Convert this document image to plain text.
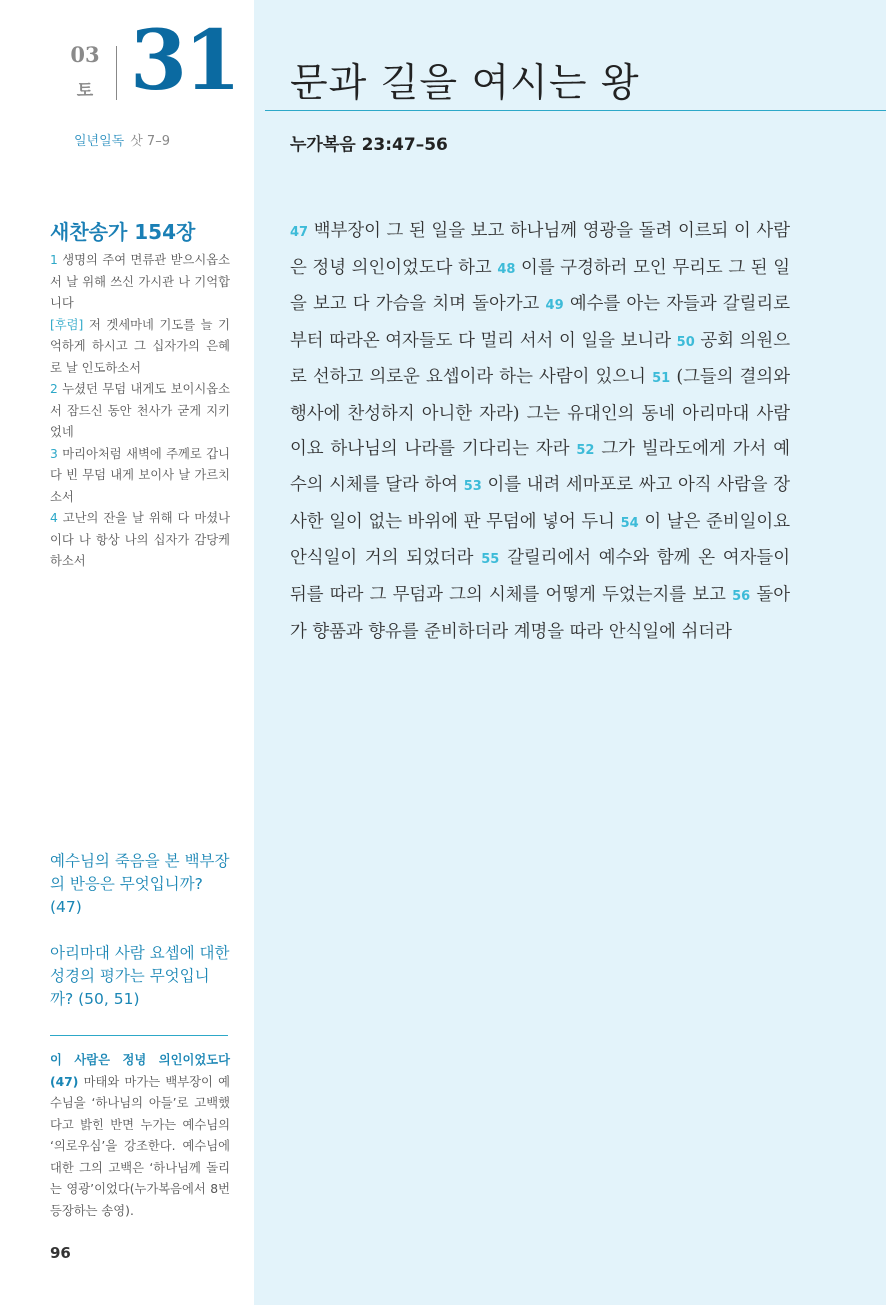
03
토 31
일년일독 삿 7–9
새찬송가 154장
1 생명의 주여 면류관 받으시옵소서 날 위해 쓰신 가시관 나 기억합니다
[후렴] 저 겟세마네 기도를 늘 기억하게 하시고 그 십자가의 은혜로 날 인도하소서
2 누셨던 무덤 내게도 보이시옵소서 잠드신 동안 천사가 굳게 지키었네
3 마리아처럼 새벽에 주께로 갑니다 빈 무덤 내게 보이사 날 가르치소서
4 고난의 잔을 날 위해 다 마셨나이다 나 항상 나의 십자가 감당케 하소서
예수님의 죽음을 본 백부장의 반응은 무엇입니까? (47)
아리마대 사람 요셉에 대한 성경의 평가는 무엇입니까? (50, 51)
이 사람은 정녕 의인이었도다 (47) 마태와 마가는 백부장이 예수님을 ‘하나님의 아들’로 고백했다고 밝힌 반면 누가는 예수님의 ‘의로우심’을 강조한다. 예수님에 대한 그의 고백은 ‘하나님께 돌리는 영광’이었다(누가복음에서 8번 등장하는 송영).
96
문과 길을 여시는 왕
누가복음 23:47–56
47 백부장이 그 된 일을 보고 하나님께 영광을 돌려 이르되 이 사람은 정녕 의인이었도다 하고 48 이를 구경하러 모인 무리도 그 된 일을 보고 다 가슴을 치며 돌아가고 49 예수를 아는 자들과 갈릴리로부터 따라온 여자들도 다 멀리 서서 이 일을 보니라 50 공회 의원으로 선하고 의로운 요셉이라 하는 사람이 있으니 51 (그들의 결의와 행사에 찬성하지 아니한 자라) 그는 유대인의 동네 아리마대 사람이요 하나님의 나라를 기다리는 자라 52 그가 빌라도에게 가서 예수의 시체를 달라 하여 53 이를 내려 세마포로 싸고 아직 사람을 장사한 일이 없는 바위에 판 무덤에 넣어 두니 54 이 날은 준비일이요 안식일이 거의 되었더라 55 갈릴리에서 예수와 함께 온 여자들이 뒤를 따라 그 무덤과 그의 시체를 어떻게 두었는지를 보고 56 돌아가 향품과 향유를 준비하더라 계명을 따라 안식일에 쉬더라
